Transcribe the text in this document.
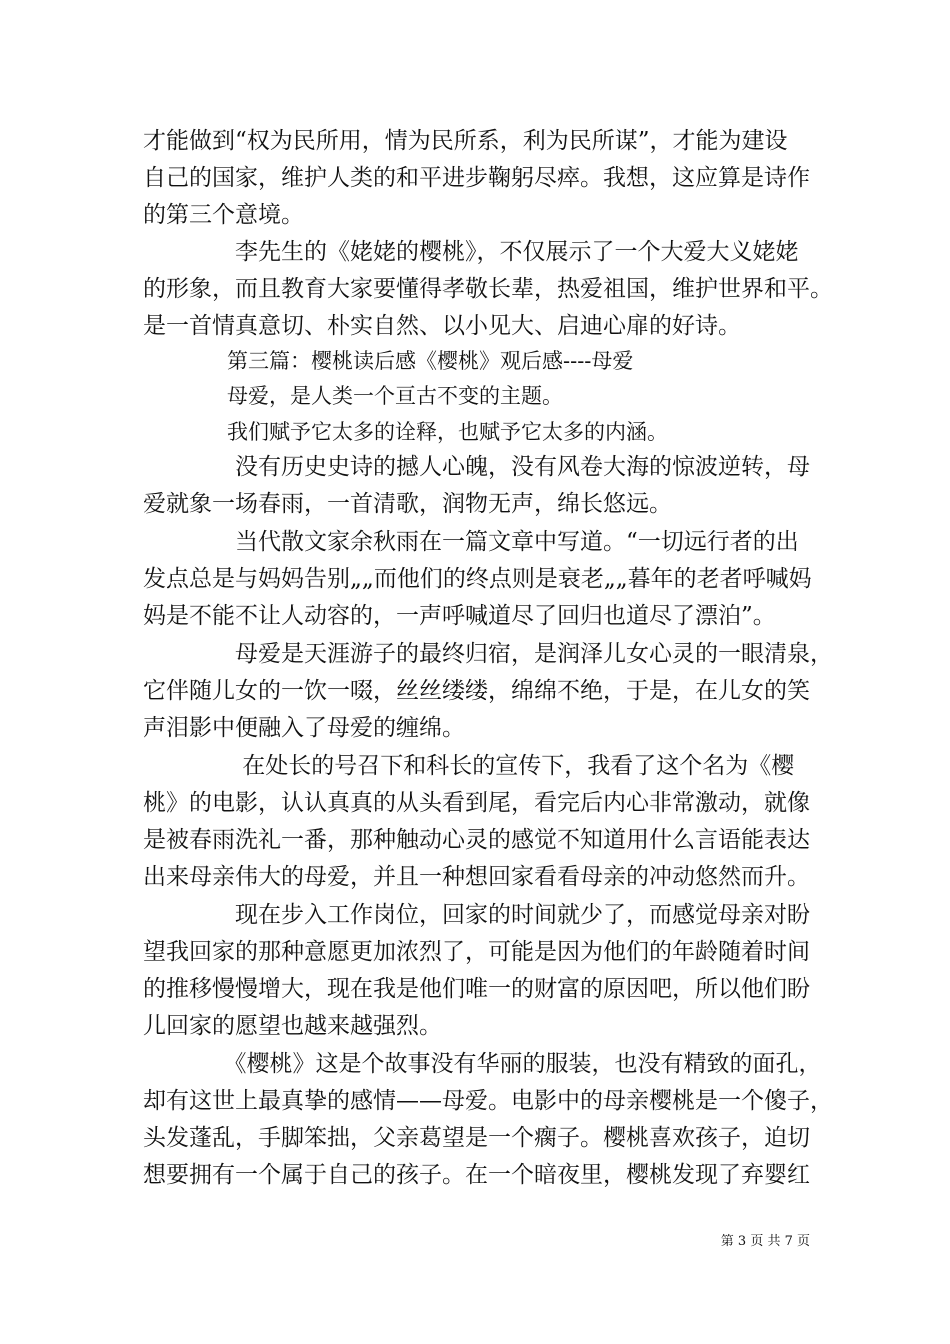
才能做到“权为民所用，情为民所系，利为民所谋”，才能为建设
自己的国家，维护人类的和平进步鞠躬尽瘁。我想，这应算是诗作
的第三个意境。
　　　　李先生的《姥姥的樱桃》，不仅展示了一个大爱大义姥姥
的形象，而且教育大家要懂得孝敬长辈，热爱祖国，维护世界和平。
是一首情真意切、朴实自然、以小见大、启迪心扉的好诗。
　　　　第三篇：樱桃读后感《樱桃》观后感----母爱
　　　　母爱，是人类一个亘古不变的主题。
　　　　我们赋予它太多的诠释，也赋予它太多的内涵。
　　　　没有历史史诗的撼人心魄，没有风卷大海的惊波逆转，母
爱就象一场春雨，一首清歌，润物无声，绵长悠远。
　　　　当代散文家余秋雨在一篇文章中写道。“一切远行者的出
发点总是与妈妈告别„„而他们的终点则是衰老„„暮年的老者呼喊妈
妈是不能不让人动容的，一声呼喊道尽了回归也道尽了漂泊”。
　　　　母爱是天涯游子的最终归宿，是润泽儿女心灵的一眼清泉，
它伴随儿女的一饮一啜，丝丝缕缕，绵绵不绝，于是，在儿女的笑
声泪影中便融入了母爱的缠绵。
　　　　 在处长的号召下和科长的宣传下，我看了这个名为《樱
桃》的电影，认认真真的从头看到尾，看完后内心非常激动，就像
是被春雨洗礼一番，那种触动心灵的感觉不知道用什么言语能表达
出来母亲伟大的母爱，并且一种想回家看看母亲的冲动悠然而升。
　　　　现在步入工作岗位，回家的时间就少了，而感觉母亲对盼
望我回家的那种意愿更加浓烈了，可能是因为他们的年龄随着时间
的推移慢慢增大，现在我是他们唯一的财富的原因吧，所以他们盼
儿回家的愿望也越来越强烈。
　　　　《樱桃》这是个故事没有华丽的服装，也没有精致的面孔，
却有这世上最真挚的感情——母爱。电影中的母亲樱桃是一个傻子，
头发蓬乱，手脚笨拙，父亲葛望是一个瘸子。樱桃喜欢孩子，迫切
想要拥有一个属于自己的孩子。在一个暗夜里，樱桃发现了弃婴红
第 3 页 共 7 页
